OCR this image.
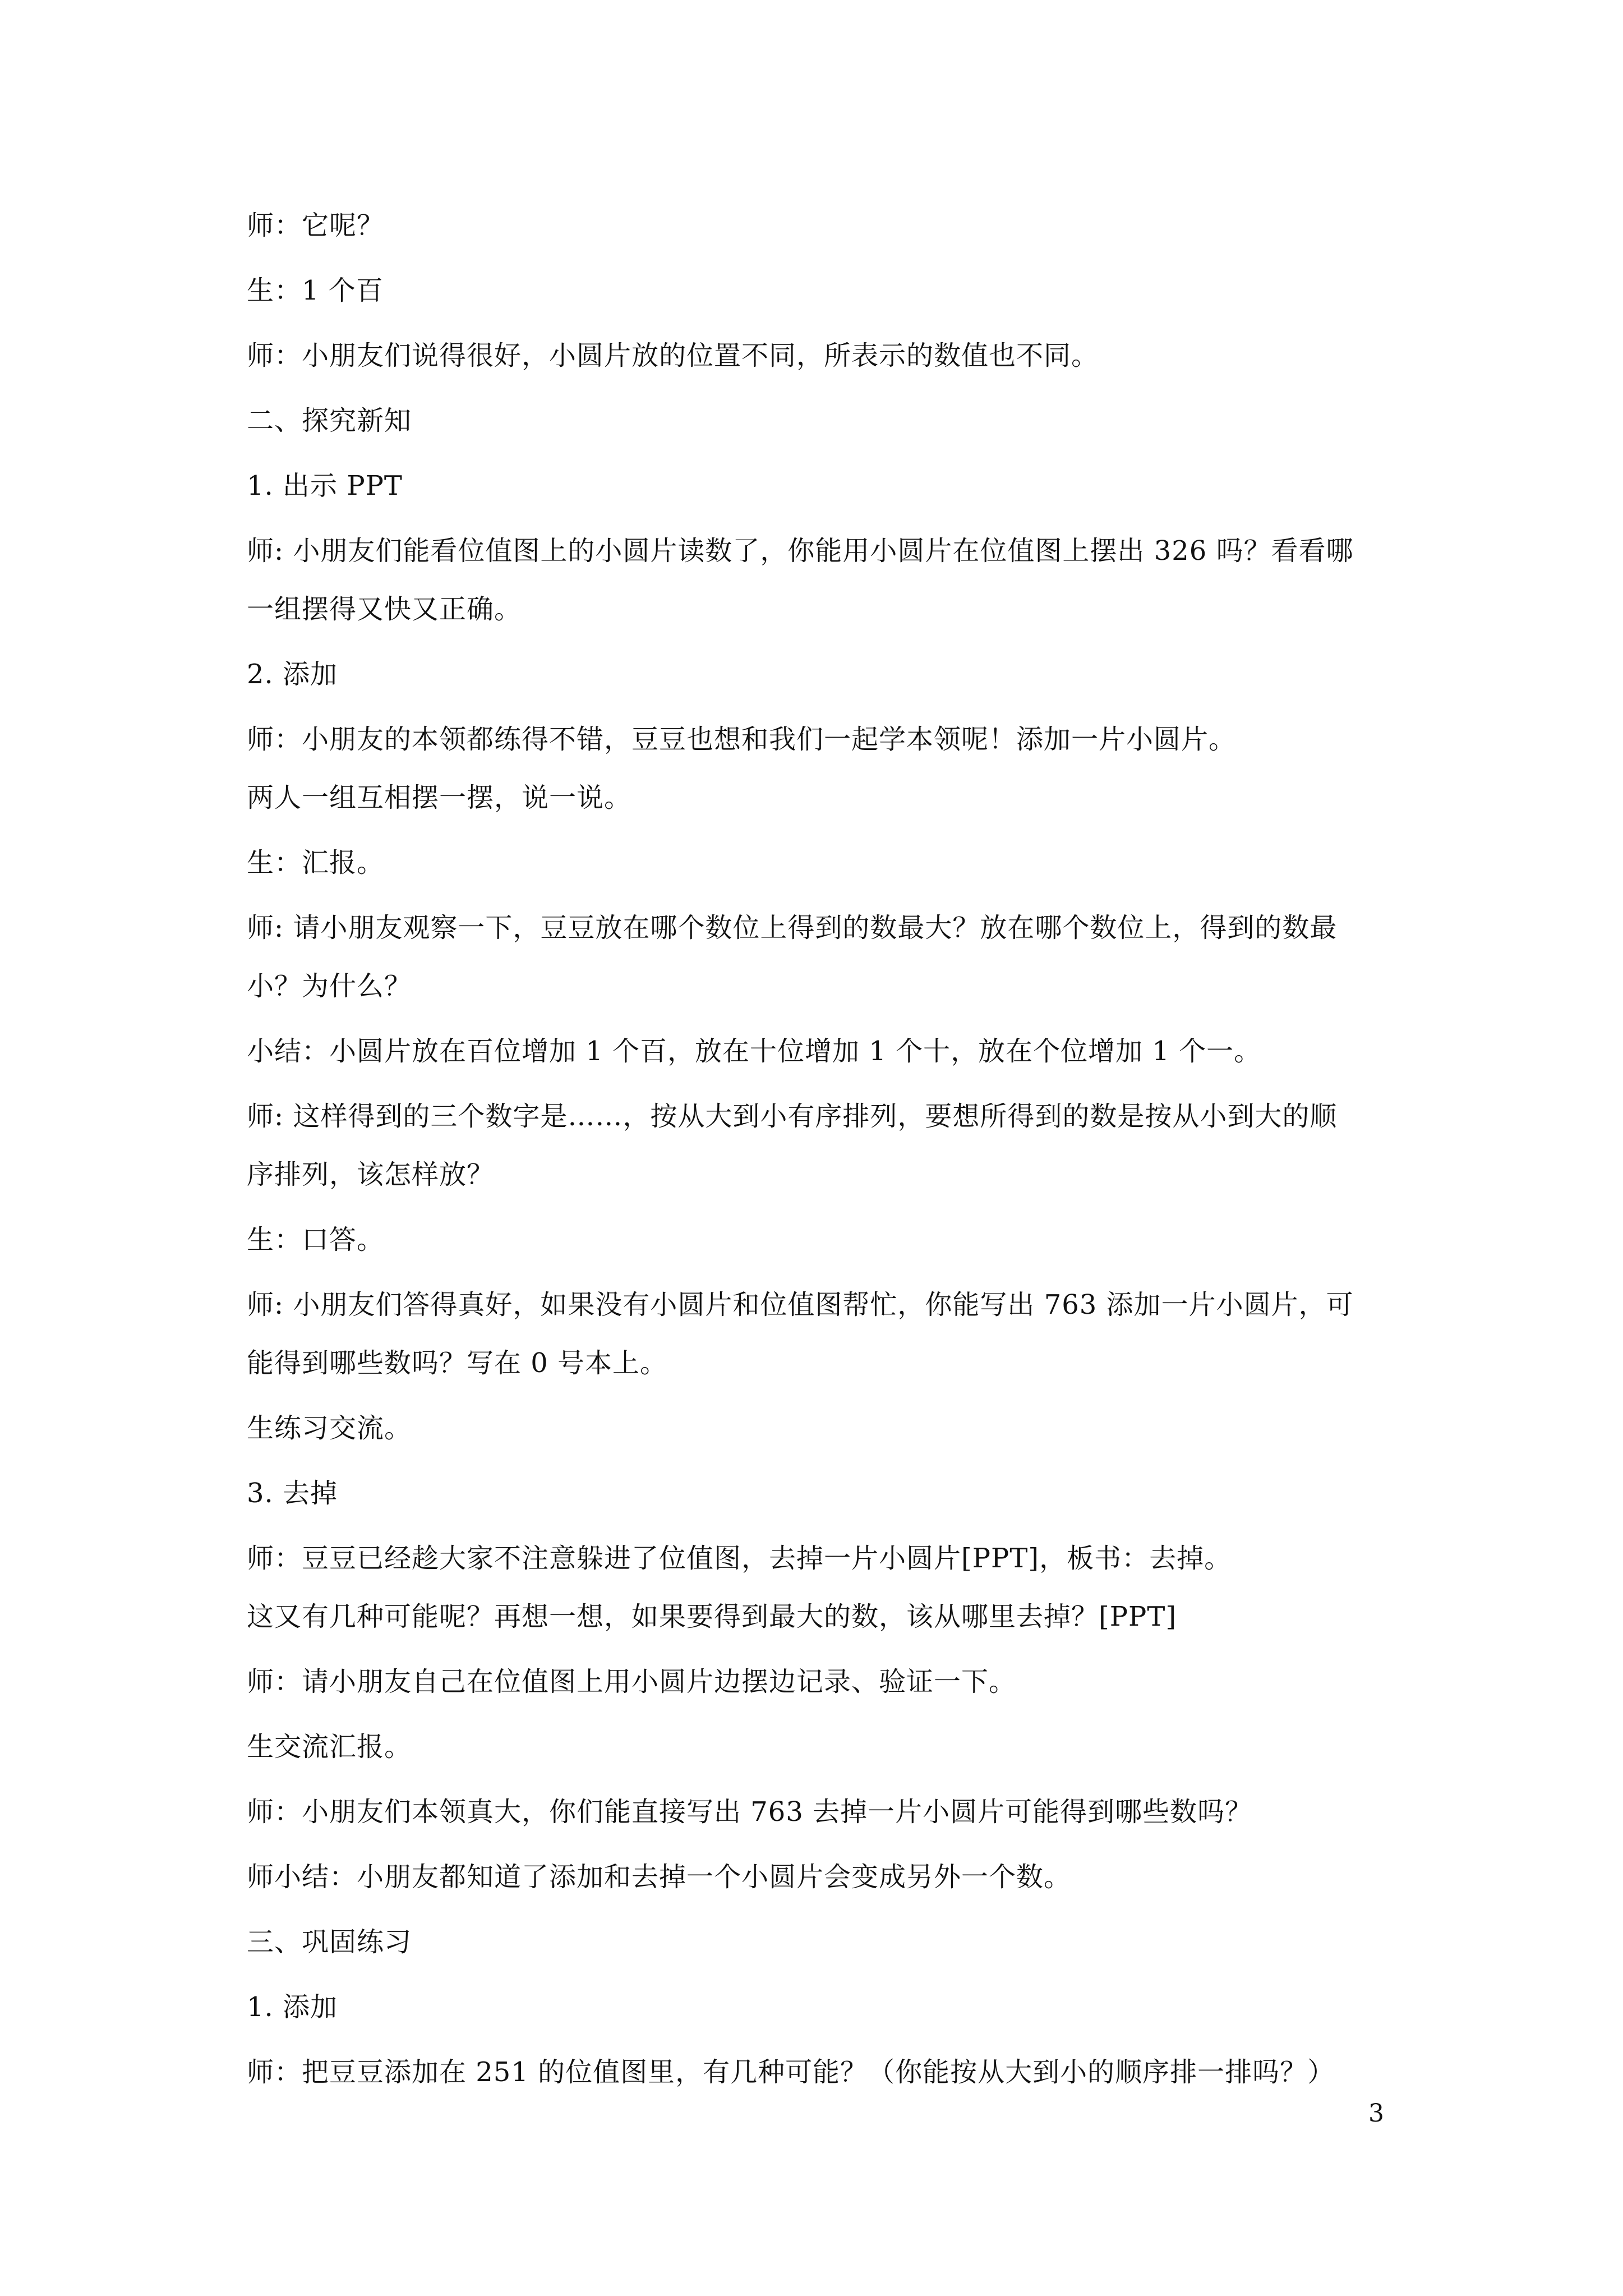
师：它呢？
生：1 个百
师：小朋友们说得很好，小圆片放的位置不同，所表示的数值也不同。
二、探究新知
1. 出示 PPT
师: 小朋友们能看位值图上的小圆片读数了，你能用小圆片在位值图上摆出 326 吗？看看哪
一组摆得又快又正确。
2. 添加
师：小朋友的本领都练得不错，豆豆也想和我们一起学本领呢！添加一片小圆片。
两人一组互相摆一摆，说一说。
生：汇报。
师: 请小朋友观察一下，豆豆放在哪个数位上得到的数最大？放在哪个数位上，得到的数最
小？为什么？
小结：小圆片放在百位增加 1 个百，放在十位增加 1 个十，放在个位增加 1 个一。
师: 这样得到的三个数字是……，按从大到小有序排列，要想所得到的数是按从小到大的顺
序排列，该怎样放？
生：口答。
师: 小朋友们答得真好，如果没有小圆片和位值图帮忙，你能写出 763 添加一片小圆片，可
能得到哪些数吗？写在 0 号本上。
生练习交流。
3. 去掉
师：豆豆已经趁大家不注意躲进了位值图，去掉一片小圆片[PPT]，板书：去掉。
这又有几种可能呢？再想一想，如果要得到最大的数，该从哪里去掉？[PPT]
师：请小朋友自己在位值图上用小圆片边摆边记录、验证一下。
生交流汇报。
师：小朋友们本领真大，你们能直接写出 763 去掉一片小圆片可能得到哪些数吗？
师小结：小朋友都知道了添加和去掉一个小圆片会变成另外一个数。
三、巩固练习
1. 添加
师：把豆豆添加在 251 的位值图里，有几种可能？（你能按从大到小的顺序排一排吗？）
3
